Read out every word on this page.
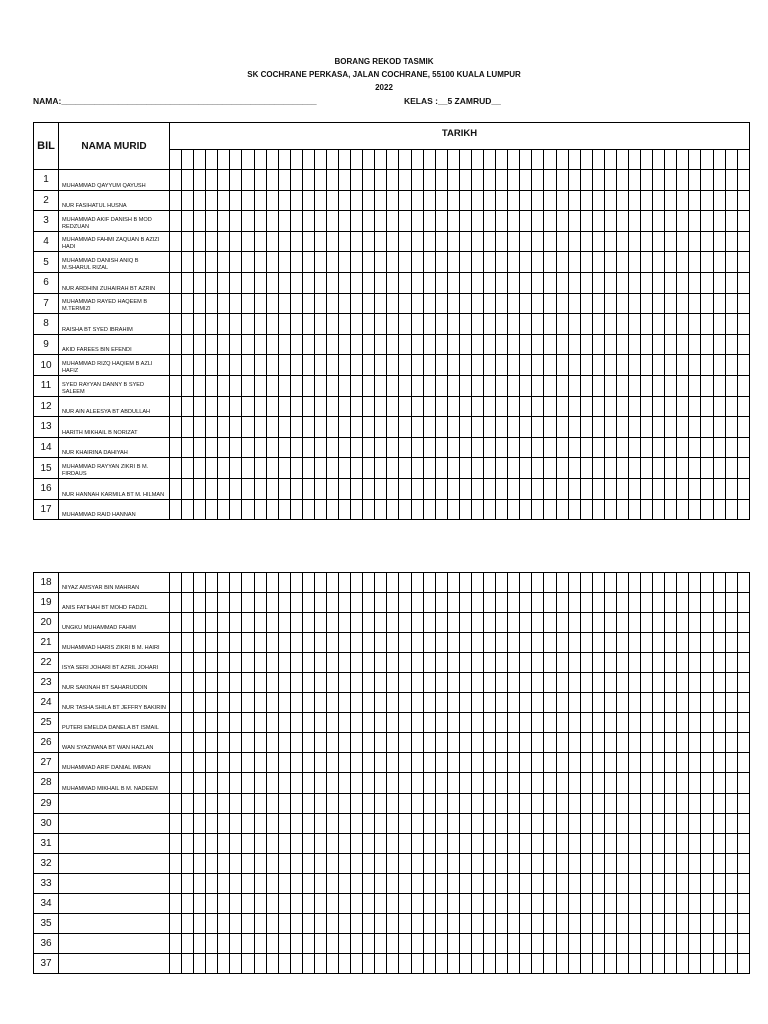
BORANG REKOD TASMIK
SK COCHRANE PERKASA, JALAN COCHRANE, 55100 KUALA LUMPUR
2022
NAMA:______________________________________________________	KELAS :__5 ZAMRUD__
BIL	NAMA MURID	TARIKH																																															

1	MUHAMMAD QAYYUM QAYUSH																																																
2	NUR FASIHATUL HUSNA																																																
3	MUHAMMAD AKIF DANISH B MOD REDZUAN																																																
4	MUHAMMAD FAHMI ZAQUAN B AZIZI HADI																																																
5	MUHAMMAD DANISH ANIQ B M.SHARUL RIZAL																																																
6	NUR ARDHINI ZUHAIRAH BT AZRIN																																																
7	MUHAMMAD RAYED HAQEEM B M.TERMIZI																																																
8	RAISHA BT SYED IBRAHIM																																																
9	AKID FAREES BIN EFENDI																																																
10	MUHAMMAD RIZQ HAQIEM B AZLI HAFIZ																																																
11	SYED RAYYAN DANNY B SYED SALEEM																																																
12	NUR AIN ALEESYA BT ABDULLAH																																																
13	HARITH MIKHAIL B NORIZAT																																																
14	NUR KHAIRINA DAHIYAH																																																
15	MUHAMMAD RAYYAN ZIKRI B M. FIRDAUS																																																
16	NUR HANNAH KARMILA BT M. HILMAN																																																
17	MUHAMMAD RAID HANNAN																																																
18	NIYAZ AMSYAR BIN MAHRAN																																																
19	ANIS FATIHAH BT MOHD FADZIL																																																
20	UNGKU MUHAMMAD FAHIM																																																
21	MUHAMMAD HARIS ZIKRI B M. HAIRI																																																
22	ISYA SERI JOHARI BT AZRIL JOHARI																																																
23	NUR SAKINAH BT SAHARUDDIN																																																
24	NUR TASHA SHILA BT JEFFRY BAKIRIN																																																
25	PUTERI EMELDA DANELA BT ISMAIL																																																
26	WAN SYAZWANA BT WAN HAZLAN																																																
27	MUHAMMAD ARIF DANIAL IMRAN																																																
28	MUHAMMAD MIKHAIL B M. NADEEM																																																
29																																																	
30																																																	
31																																																	
32																																																	
33																																																	
34																																																	
35																																																	
36																																																	
37																																																	
